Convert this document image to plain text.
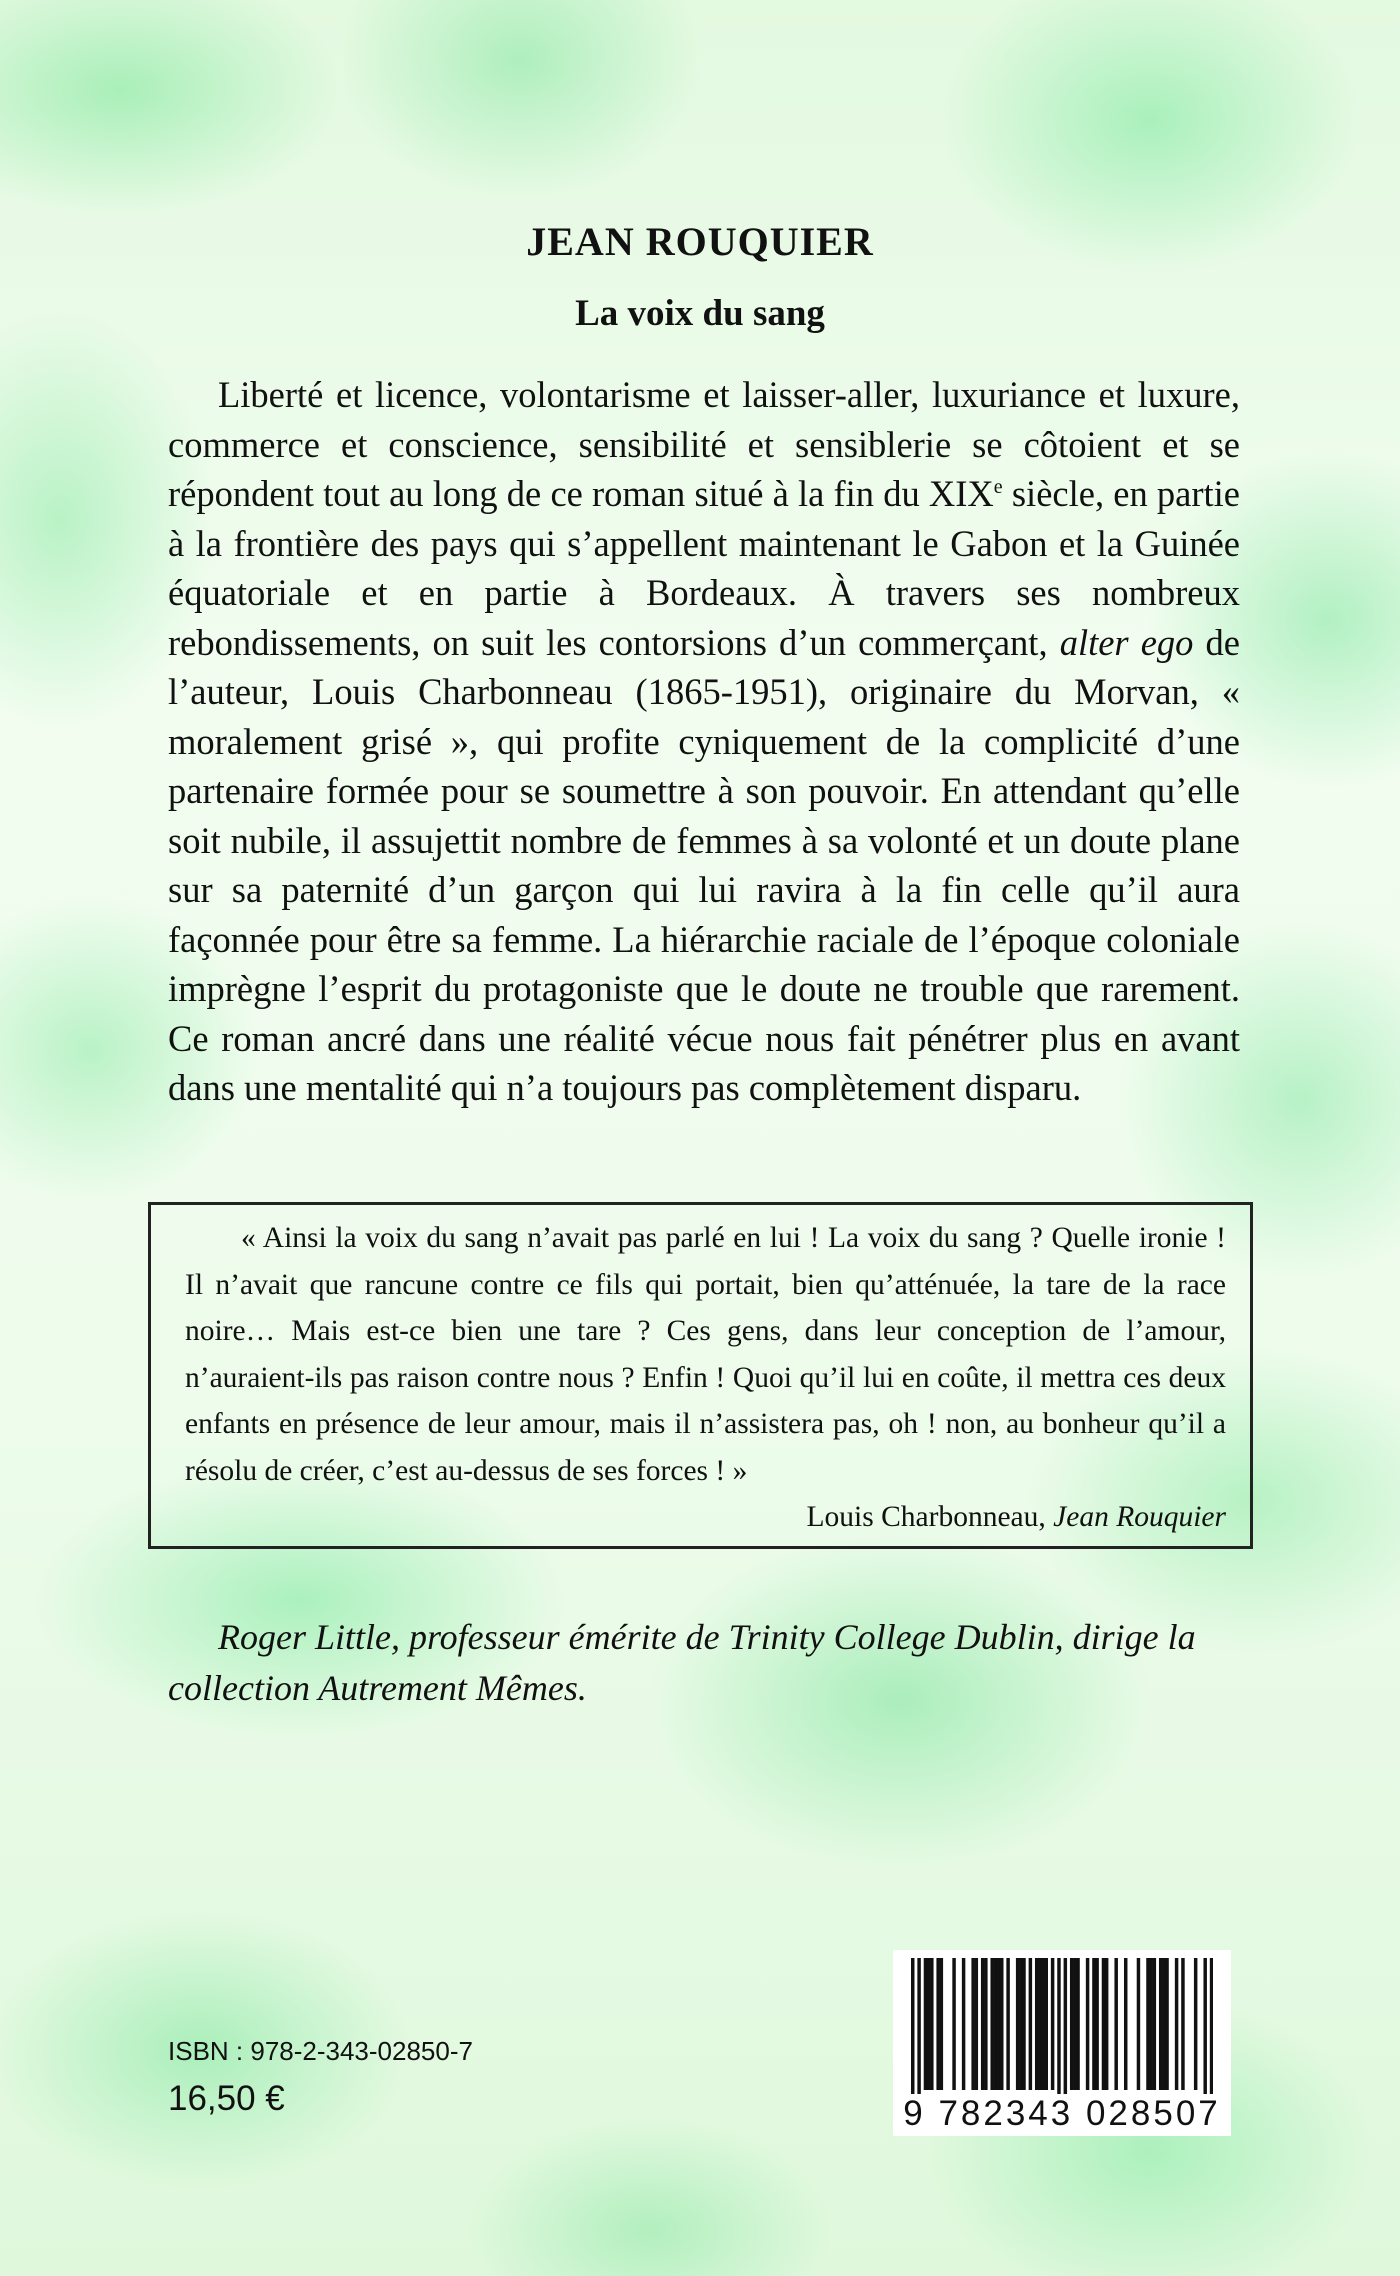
JEAN ROUQUIER
La voix du sang

Liberté et licence, volontarisme et laisser-aller, luxuriance et luxure, commerce et conscience, sensibilité et sensiblerie se côtoient et se répondent tout au long de ce roman situé à la fin du XIXe siècle, en partie à la frontière des pays qui s’appellent maintenant le Gabon et la Guinée équatoriale et en partie à Bordeaux. À travers ses nombreux rebondissements, on suit les contorsions d’un commerçant, alter ego de l’auteur, Louis Charbonneau (1865-1951), originaire du Morvan, « moralement grisé », qui profite cyniquement de la complicité d’une partenaire formée pour se soumettre à son pouvoir. En attendant qu’elle soit nubile, il assujettit nombre de femmes à sa volonté et un doute plane sur sa paternité d’un garçon qui lui ravira à la fin celle qu’il aura façonnée pour être sa femme. La hiérarchie raciale de l’époque coloniale imprègne l’esprit du protagoniste que le doute ne trouble que rarement. Ce roman ancré dans une réalité vécue nous fait pénétrer plus en avant dans une mentalité qui n’a toujours pas complètement disparu.

« Ainsi la voix du sang n’avait pas parlé en lui ! La voix du sang ? Quelle ironie ! Il n’avait que rancune contre ce fils qui portait, bien qu’atténuée, la tare de la race noire… Mais est-ce bien une tare ? Ces gens, dans leur conception de l’amour, n’auraient-ils pas raison contre nous ? Enfin ! Quoi qu’il lui en coûte, il mettra ces deux enfants en présence de leur amour, mais il n’assistera pas, oh ! non, au bonheur qu’il a résolu de créer, c’est au-dessus de ses forces ! »

Louis Charbonneau, Jean Rouquier

Roger Little, professeur émérite de Trinity College Dublin, dirige la collection Autrement Mêmes.

ISBN : 978-2-343-02850-7
16,50 €	9 782343 028507
